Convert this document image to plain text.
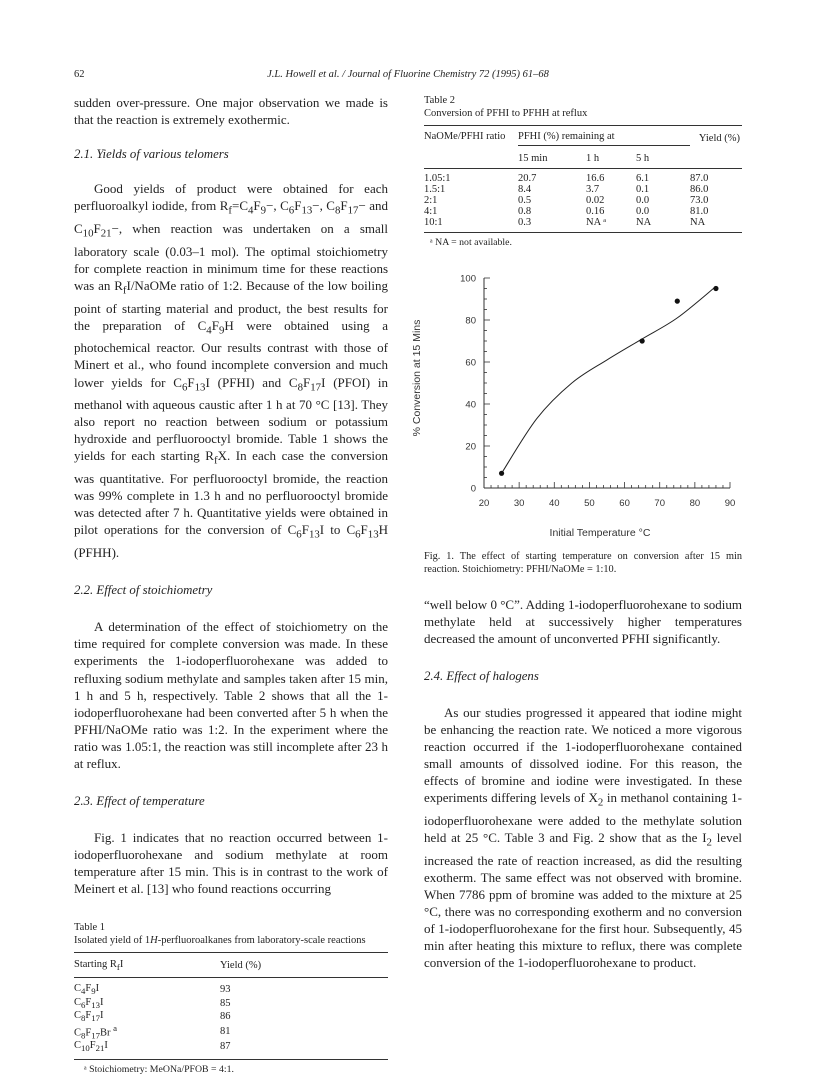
62	J.L. Howell et al. / Journal of Fluorine Chemistry 72 (1995) 61–68

sudden over-pressure. One major observation we made is that the reaction is extremely exothermic.

2.1. Yields of various telomers

Good yields of product were obtained for each perfluoroalkyl iodide, from $R_f=C_4F_9-$, $C_6F_{13}-$, $C_8F_{17}-$ and $C_{10}F_{21}-$, when reaction was undertaken on a small laboratory scale (0.03–1 mol). The optimal stoichiometry for complete reaction in minimum time for these reactions was an $R_fI$/NaOMe ratio of 1:2. Because of the low boiling point of starting material and product, the best results for the preparation of $C_4F_9H$ were obtained using a photochemical reactor. Our results contrast with those of Minert et al., who found incomplete conversion and much lower yields for $C_6F_{13}I$ (PFHI) and $C_8F_{17}I$ (PFOI) in methanol with aqueous caustic after 1 h at 70 °C [13]. They also report no reaction between sodium or potassium hydroxide and perfluorooctyl bromide. Table 1 shows the yields for each starting $R_fX$. In each case the conversion was quantitative. For perfluorooctyl bromide, the reaction was 99% complete in 1.3 h and no perfluorooctyl bromide was detected after 7 h. Quantitative yields were obtained in pilot operations for the conversion of $C_6F_{13}I$ to $C_6F_{13}H$ (PFHH).

2.2. Effect of stoichiometry

A determination of the effect of stoichiometry on the time required for complete conversion was made. In these experiments the 1-iodoperfluorohexane was added to refluxing sodium methylate and samples taken after 15 min, 1 h and 5 h, respectively. Table 2 shows that all the 1-iodoperfluorohexane had been converted after 5 h when the PFHI/NaOMe ratio was 1:2. In the experiment where the ratio was 1.05:1, the reaction was still incomplete after 23 h at reflux.

2.3. Effect of temperature

Fig. 1 indicates that no reaction occurred between 1-iodoperfluorohexane and sodium methylate at room temperature after 15 min. This is in contrast to the work of Meinert et al. [13] who found reactions occurring

Table 1
Isolated yield of 1H-perfluoroalkanes from laboratory-scale reactions
Starting $R_fI$	Yield (%)
$C_4F_9I$	93
$C_6F_{13}I$	85
$C_8F_{17}I$	86
$C_8F_{17}Br$ $^a$	81
$C_{10}F_{21}I$	87
ᵃ Stoichiometry: MeONa/PFOB = 4:1.
Table 2
Conversion of PFHI to PFHH at reflux
NaOMe/PFHI ratio	PFHI (%) remaining at			Yield (%)
	15 min	1 h	5 h	
1.05:1	20.7	16.6	6.1	87.0
1.5:1	8.4	3.7	0.1	86.0
2:1	0.5	0.02	0.0	73.0
4:1	0.8	0.16	0.0	81.0
10:1	0.3	NA ᵃ	NA	NA
ᵃ NA = not available.
0
20
40
60
80
100
20	30	40	50	60	70	80	90
% Conversion at 15 Mins
Initial Temperature °C
Fig. 1. The effect of starting temperature on conversion after 15 min reaction. Stoichiometry: PFHI/NaOMe = 1:10.

“well below 0 °C”. Adding 1-iodoperfluorohexane to sodium methylate held at successively higher temperatures decreased the amount of unconverted PFHI significantly.

2.4. Effect of halogens

As our studies progressed it appeared that iodine might be enhancing the reaction rate. We noticed a more vigorous reaction occurred if the 1-iodoperfluorohexane contained small amounts of dissolved iodine. For this reason, the effects of bromine and iodine were investigated. In these experiments differing levels of $X_2$ in methanol containing 1-iodoperfluorohexane were added to the methylate solution held at 25 °C. Table 3 and Fig. 2 show that as the $I_2$ level increased the rate of reaction increased, as did the resulting exotherm. The same effect was not observed with bromine. When 7786 ppm of bromine was added to the mixture at 25 °C, there was no corresponding exotherm and no conversion of 1-iodoperfluorohexane for the first hour. Subsequently, 45 min after heating this mixture to reflux, there was complete conversion of the 1-iodoperfluorohexane to product.
